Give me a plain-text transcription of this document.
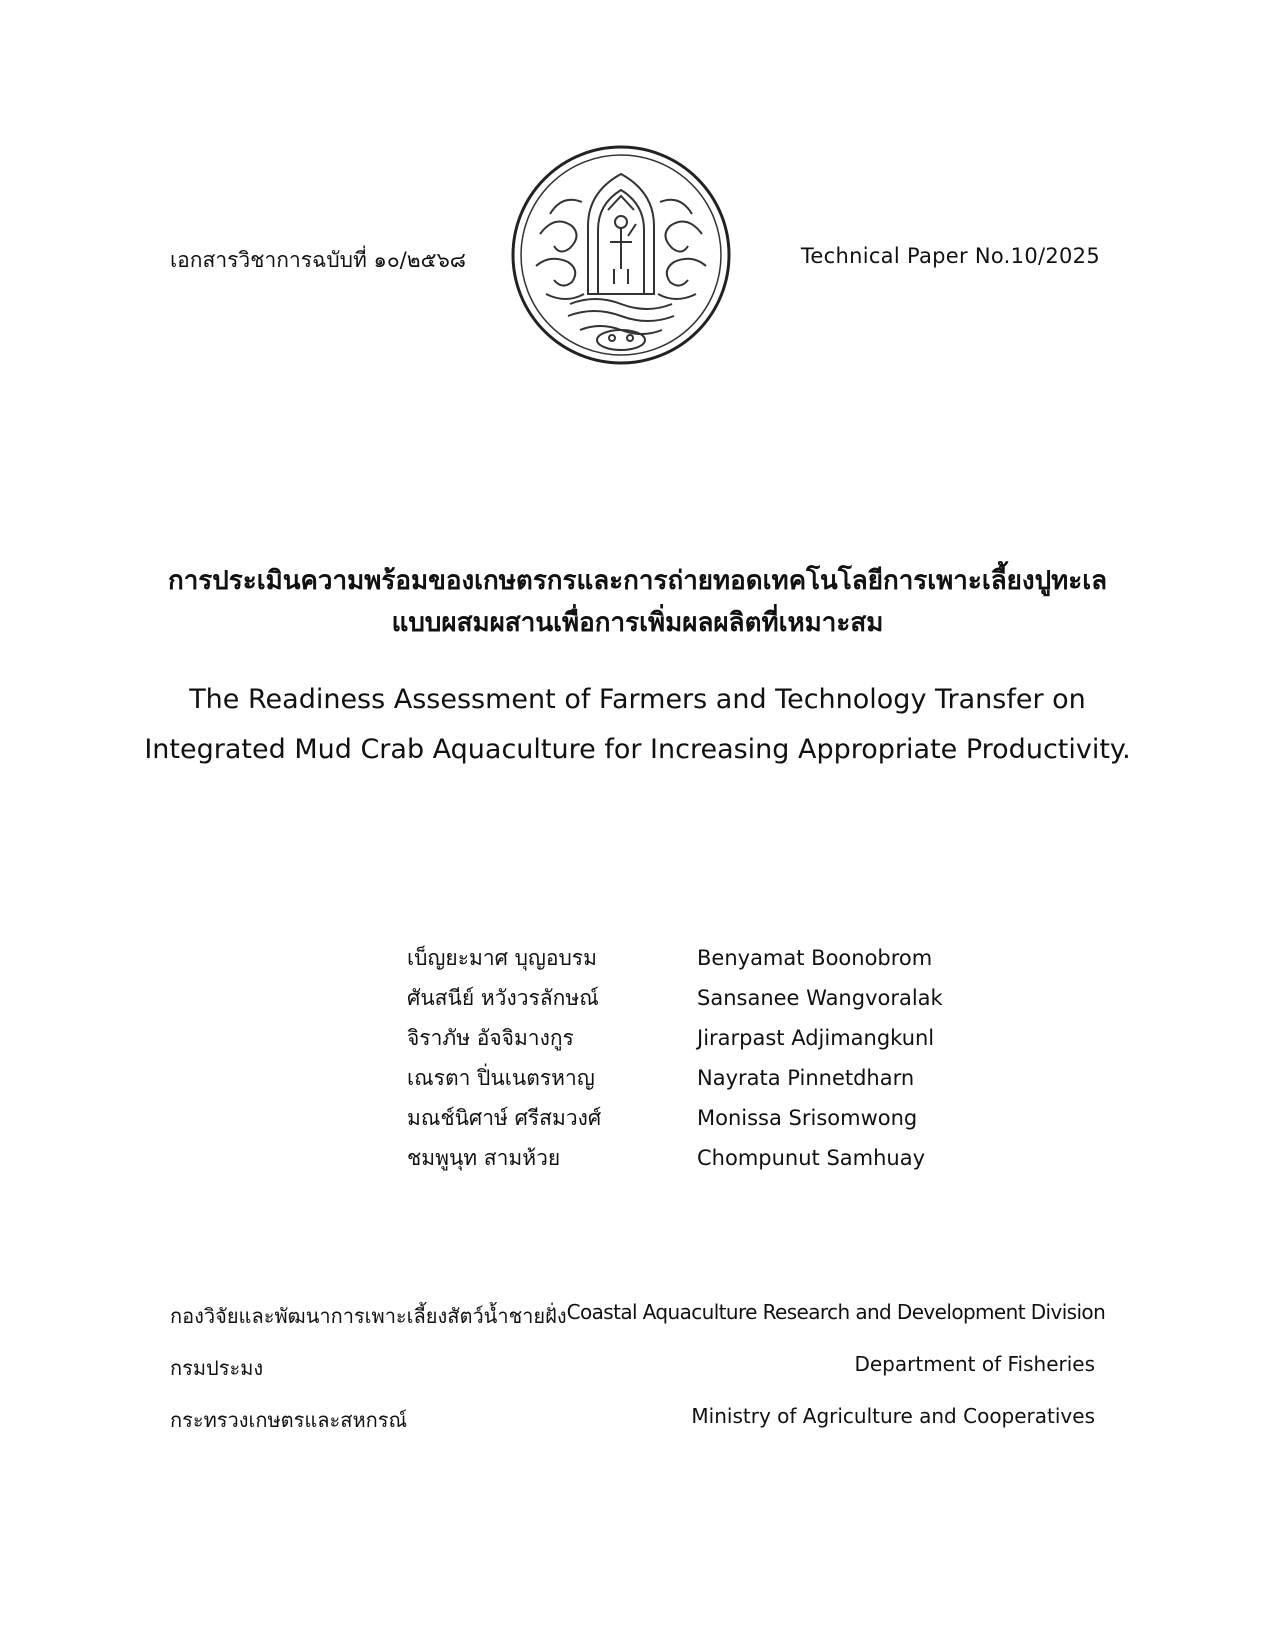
เอกสารวิชาการฉบับที่ ๑๐/๒๕๖๘	Technical Paper No.10/2025
การประเมินความพร้อมของเกษตรกรและการถ่ายทอดเทคโนโลยีการเพาะเลี้ยงปูทะเล
แบบผสมผสานเพื่อการเพิ่มผลผลิตที่เหมาะสม
The Readiness Assessment of Farmers and Technology Transfer on
Integrated Mud Crab Aquaculture for Increasing Appropriate Productivity.
เบ็ญยะมาศ บุญอบรม	Benyamat Boonobrom
ศันสนีย์ หวังวรลักษณ์	Sansanee Wangvoralak
จิราภัษ อัจจิมางกูร	Jirarpast Adjimangkunl
เณรตา ปิ่นเนตรหาญ	Nayrata Pinnetdharn
มณช์นิศาษ์ ศรีสมวงศ์	Monissa Srisomwong
ชมพูนุท สามห้วย	Chompunut Samhuay
กองวิจัยและพัฒนาการเพาะเลี้ยงสัตว์น้ำชายฝั่ง Coastal Aquaculture Research and Development Division
กรมประมง	Department of Fisheries
กระทรวงเกษตรและสหกรณ์	Ministry of Agriculture and Cooperatives
